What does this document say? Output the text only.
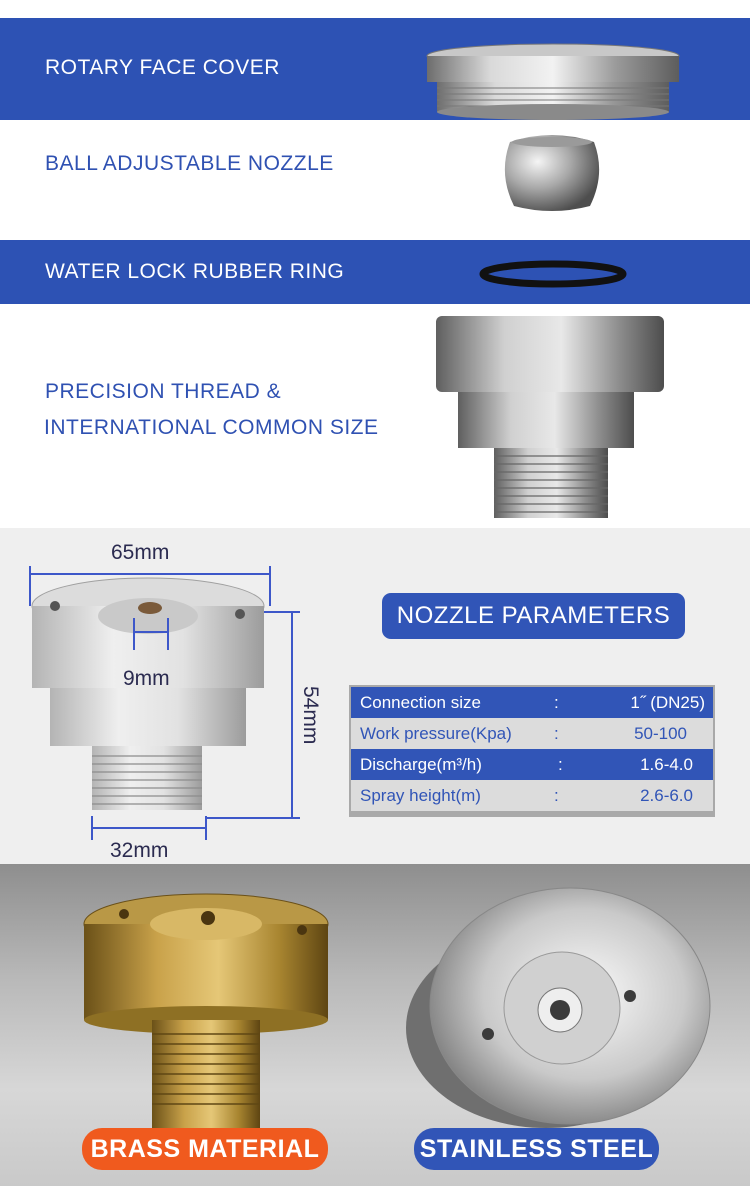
ROTARY FACE COVER
BALL ADJUSTABLE NOZZLE
WATER LOCK RUBBER RING
PRECISION THREAD &
INTERNATIONAL COMMON SIZE
65mm
9mm
54mm
32mm
NOZZLE PARAMETERS
Connection size	:	1˝ (DN25)
Work pressure(Kpa) :	50-100
Discharge(m³/h)	:	1.6-4.0
Spray height(m)	:	2.6-6.0
BRASS MATERIAL	STAINLESS STEEL
